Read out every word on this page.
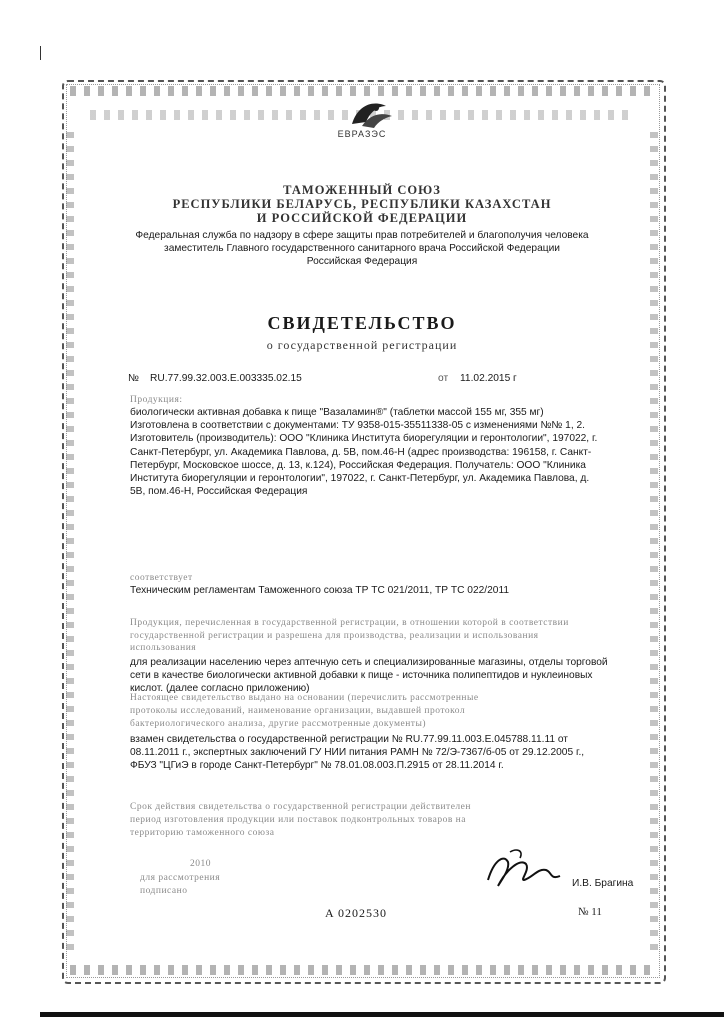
ЕВРАЗЭС
ТАМОЖЕННЫЙ СОЮЗ
РЕСПУБЛИКИ БЕЛАРУСЬ, РЕСПУБЛИКИ КАЗАХСТАН
И РОССИЙСКОЙ ФЕДЕРАЦИИ
Федеральная служба по надзору в сфере защиты прав потребителей и благополучия человека
заместитель Главного государственного санитарного врача Российской Федерации
Российская Федерация
СВИДЕТЕЛЬСТВО
о государственной регистрации
№ RU.77.99.32.003.Е.003335.02.15	от 11.02.2015 г
Продукция:
биологически активная добавка к пище "Вазаламин®" (таблетки массой 155 мг, 355 мг)
Изготовлена в соответствии с документами: ТУ 9358-015-35511338-05 с изменениями №№ 1, 2.
Изготовитель (производитель): ООО "Клиника Института биорегуляции и геронтологии", 197022, г.
Санкт-Петербург, ул. Академика Павлова, д. 5В, пом.46-Н (адрес производства: 196158, г. Санкт-
Петербург, Московское шоссе, д. 13, к.124), Российская Федерация. Получатель: ООО "Клиника
Института биорегуляции и геронтологии", 197022, г. Санкт-Петербург, ул. Академика Павлова, д.
5В, пом.46-Н, Российская Федерация
соответствует
Техническим регламентам Таможенного союза ТР ТС 021/2011, ТР ТС 022/2011
Продукция, перечисленная в государственной регистрации, в отношении которой в соответствии
государственной регистрации и разрешена для производства, реализации и использования
использования
для реализации населению через аптечную сеть и специализированные магазины, отделы торговой
сети в качестве биологически активной добавки к пище - источника полипептидов и нуклеиновых
кислот. (далее согласно приложению)
Настоящее свидетельство выдано на основании (перечислить рассмотренные
протоколы исследований, наименование организации, выдавшей протокол
бактериологического анализа, другие рассмотренные документы)
взамен свидетельства о государственной регистрации № RU.77.99.11.003.Е.045788.11.11 от
08.11.2011 г., экспертных заключений ГУ НИИ питания РАМН № 72/Э-7367/б-05 от 29.12.2005 г.,
ФБУЗ "ЦГиЭ в городе Санкт-Петербург" № 78.01.08.003.П.2915 от 28.11.2014 г.
Срок действия свидетельства о государственной регистрации действителен
период изготовления продукции или поставок подконтрольных товаров на
территорию таможенного союза
2010
для рассмотрения
подписано
И.В. Брагина
A 0202530	№ 11
